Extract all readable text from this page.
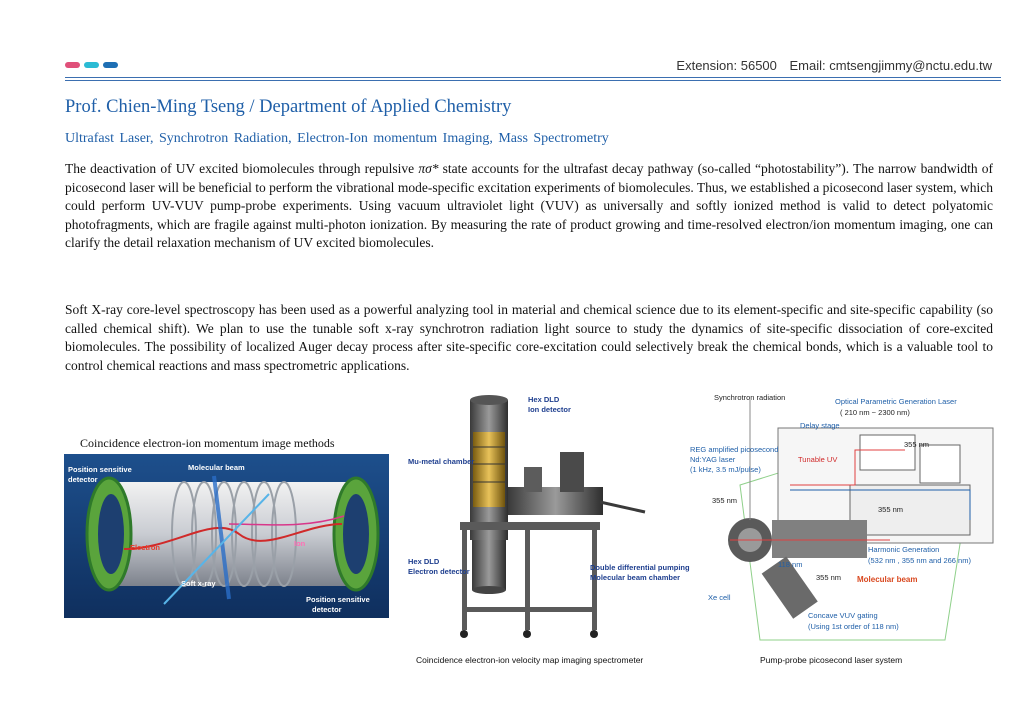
Extension: 56500 Email: cmtsengjimmy@nctu.edu.tw
Prof. Chien-Ming Tseng / Department of Applied Chemistry
Ultrafast Laser, Synchrotron Radiation, Electron-Ion momentum Imaging, Mass Spectrometry
The deactivation of UV excited biomolecules through repulsive πσ* state accounts for the ultrafast decay pathway (so-called “photostability”). The narrow bandwidth of picosecond laser will be beneficial to perform the vibrational mode-specific excitation experiments of biomolecules. Thus, we established a picosecond laser system, which could perform UV-VUV pump-probe experiments. Using vacuum ultraviolet light (VUV) as universally and softly ionized method is valid to detect polyatomic photofragments, which are fragile against multi-photon ionization. By measuring the rate of product growing and time-resolved electron/ion momentum imaging, one can clarify the detail relaxation mechanism of UV excited biomolecules.
Soft X-ray core-level spectroscopy has been used as a powerful analyzing tool in material and chemical science due to its element-specific and site-specific capability (so called chemical shift). We plan to use the tunable soft x-ray synchrotron radiation light source to study the dynamics of site-specific dissociation of core-excited biomolecules. The possibility of localized Auger decay process after site-specific core-excitation could selectively break the chemical bonds, which is a valuable tool to control chemical reactions and mass spectrometric applications.
Coincidence electron-ion momentum image methods
Position sensitive
detector
Molecular beam
Ion
Electron
Soft x-ray
Position sensitive
detector
Hex DLD
Ion detector
Mu-metal chamber
Hex DLD
Electron detector	Double differential pumping
Molecular beam chamber
Coincidence electron-ion velocity map imaging spectrometer
Synchrotron radiation	Optical Parametric Generation Laser
( 210 nm ~ 2300 nm)
Delay stage
REG amplified picosecond
Nd:YAG laser
(1 kHz, 3.5 mJ/pulse)
Tunable UV
355 nm
355 nm
355 nm
355 nm
118 nm
Harmonic Generation
(532 nm , 355 nm and 266 nm)
Molecular beam
Xe cell
Concave VUV gating
(Using 1st order of 118 nm)
Pump-probe picosecond laser system
